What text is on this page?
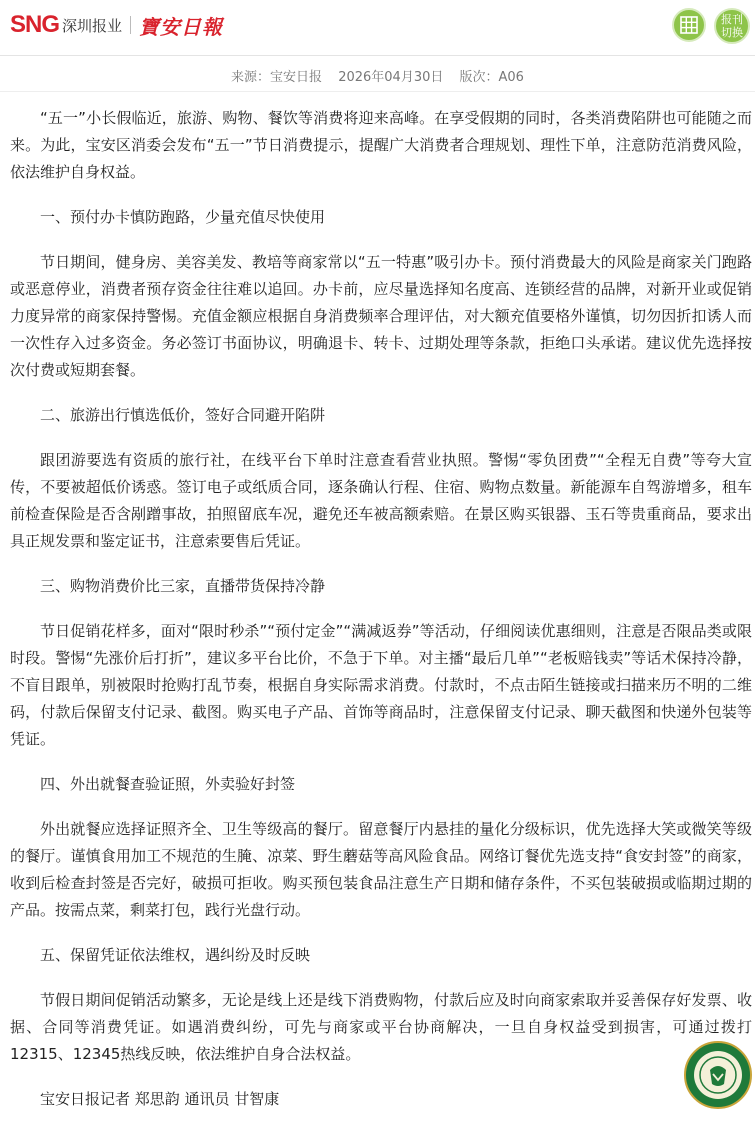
SNG 深圳报业 寶安日報	报刊切换
来源：宝安日报 2026年04月30日 版次：A06

“五一”小长假临近，旅游、购物、餐饮等消费将迎来高峰。在享受假期的同时，各类消费陷阱也可能随之而来。为此，宝安区消委会发布“五一”节日消费提示，提醒广大消费者合理规划、理性下单，注意防范消费风险，依法维护自身权益。

一、预付办卡慎防跑路，少量充值尽快使用

节日期间，健身房、美容美发、教培等商家常以“五一特惠”吸引办卡。预付消费最大的风险是商家关门跑路或恶意停业，消费者预存资金往往难以追回。办卡前，应尽量选择知名度高、连锁经营的品牌，对新开业或促销力度异常的商家保持警惕。充值金额应根据自身消费频率合理评估，对大额充值要格外谨慎，切勿因折扣诱人而一次性存入过多资金。务必签订书面协议，明确退卡、转卡、过期处理等条款，拒绝口头承诺。建议优先选择按次付费或短期套餐。

二、旅游出行慎选低价，签好合同避开陷阱

跟团游要选有资质的旅行社，在线平台下单时注意查看营业执照。警惕“零负团费”“全程无自费”等夸大宣传，不要被超低价诱惑。签订电子或纸质合同，逐条确认行程、住宿、购物点数量。新能源车自驾游增多，租车前检查保险是否含剐蹭事故，拍照留底车况，避免还车被高额索赔。在景区购买银器、玉石等贵重商品，要求出具正规发票和鉴定证书，注意索要售后凭证。

三、购物消费价比三家，直播带货保持冷静

节日促销花样多，面对“限时秒杀”“预付定金”“满减返券”等活动，仔细阅读优惠细则，注意是否限品类或限时段。警惕“先涨价后打折”，建议多平台比价，不急于下单。对主播“最后几单”“老板赔钱卖”等话术保持冷静，不盲目跟单，别被限时抢购打乱节奏，根据自身实际需求消费。付款时，不点击陌生链接或扫描来历不明的二维码，付款后保留支付记录、截图。购买电子产品、首饰等商品时，注意保留支付记录、聊天截图和快递外包装等凭证。

四、外出就餐查验证照，外卖验好封签

外出就餐应选择证照齐全、卫生等级高的餐厅。留意餐厅内悬挂的量化分级标识，优先选择大笑或微笑等级的餐厅。谨慎食用加工不规范的生腌、凉菜、野生蘑菇等高风险食品。网络订餐优先选支持“食安封签”的商家，收到后检查封签是否完好，破损可拒收。购买预包装食品注意生产日期和储存条件，不买包装破损或临期过期的产品。按需点菜，剩菜打包，践行光盘行动。

五、保留凭证依法维权，遇纠纷及时反映

节假日期间促销活动繁多，无论是线上还是线下消费购物，付款后应及时向商家索取并妥善保存好发票、收据、合同等消费凭证。如遇消费纠纷，可先与商家或平台协商解决，一旦自身权益受到损害，可通过拨打12315、12345热线反映，依法维护自身合法权益。

宝安日报记者 郑思韵 通讯员 甘智康
